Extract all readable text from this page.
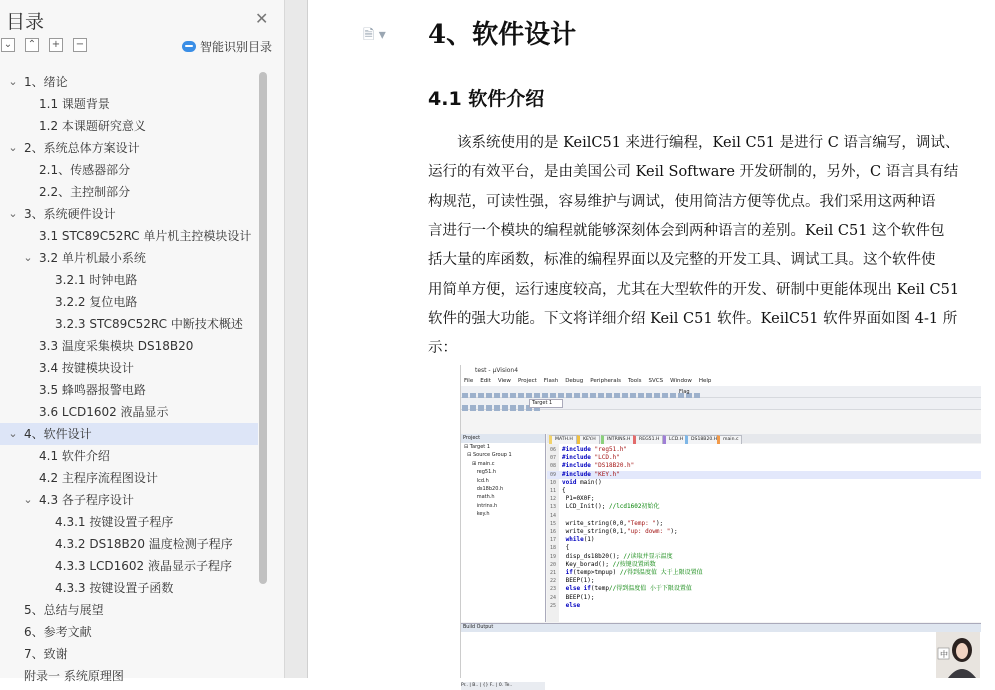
目录	✕
⌄ ⌃ + −	智能识别目录
⌄ 1、绪论
1.1 课题背景
1.2 本课题研究意义
⌄ 2、系统总体方案设计
2.1、传感器部分
2.2、主控制部分
⌄ 3、系统硬件设计
3.1 STC89C52RC 单片机主控模块设计
⌄ 3.2 单片机最小系统
3.2.1 时钟电路
3.2.2 复位电路
3.2.3 STC89C52RC 中断技术概述
3.3 温度采集模块 DS18B20
3.4 按键模块设计
3.5 蜂鸣器报警电路
3.6 LCD1602 液晶显示
⌄ 4、软件设计
4.1 软件介绍
4.2 主程序流程图设计
⌄ 4.3 各子程序设计
4.3.1 按键设置子程序
4.3.2 DS18B20 温度检测子程序
4.3.3 LCD1602 液晶显示子程序
4.3.3 按键设置子函数
5、总结与展望
6、参考文献
7、致谢
附录一 系统原理图
🗎 ▾ 4、软件设计
4.1 软件介绍
　　该系统使用的是 KeilC51 来进行编程，Keil C51 是进行 C 语言编写，调试、
运行的有效平台，是由美国公司 Keil Software 开发研制的，另外，C 语言具有结
构规范，可读性强，容易维护与调试，使用简洁方便等优点。我们采用这两种语
言进行一个模块的编程就能够深刻体会到两种语言的差别。Keil C51 这个软件包
括大量的库函数，标准的编程界面以及完整的开发工具、调试工具。这个软件使
用简单方便，运行速度较高，尤其在大型软件的开发、研制中更能体现出 Keil C51
软件的强大功能。下文将详细介绍 Keil C51 软件。KeilC51 软件界面如图 4-1 所
示：
test - µVision4
File Edit View Project Flash Debug Peripherals Tools SVCS Window Help
Flag
Target 1
Project
⊟ Target 1
⊟ Source Group 1
⊞ main.c
reg51.h
lcd.h
ds18b20.h
math.h
intrins.h
key.h
Pr.. | B.. | {} F.. | 0. Te..
MATH.H	KEY.H	INTRINS.H	REG51.H	LCD.H	DS18B20.H	main.c
06 #include "reg51.h"
07 #include "LCD.h"
08 #include "DS18B20.h"
09 #include "KEY.h"
10 void main()
11 {
12 P1=0X0F;
13 LCD_Init(); //lcd1602初始化
14
15 write_string(0,0,"Temp: ");
16 write_string(0,1,"up: dowm: ");
17 while(1)
18 {
19 disp_ds18b20(); //读取并显示温度
20 Key_borad(); //按键设置函数
21 if(temp>tmpup) //得到温度值 大于上限设置值
22 BEEP(1);
23 else if(temp//得到温度值 小于下限设置值
24 BEEP(1);
25 else
Build Output
中
